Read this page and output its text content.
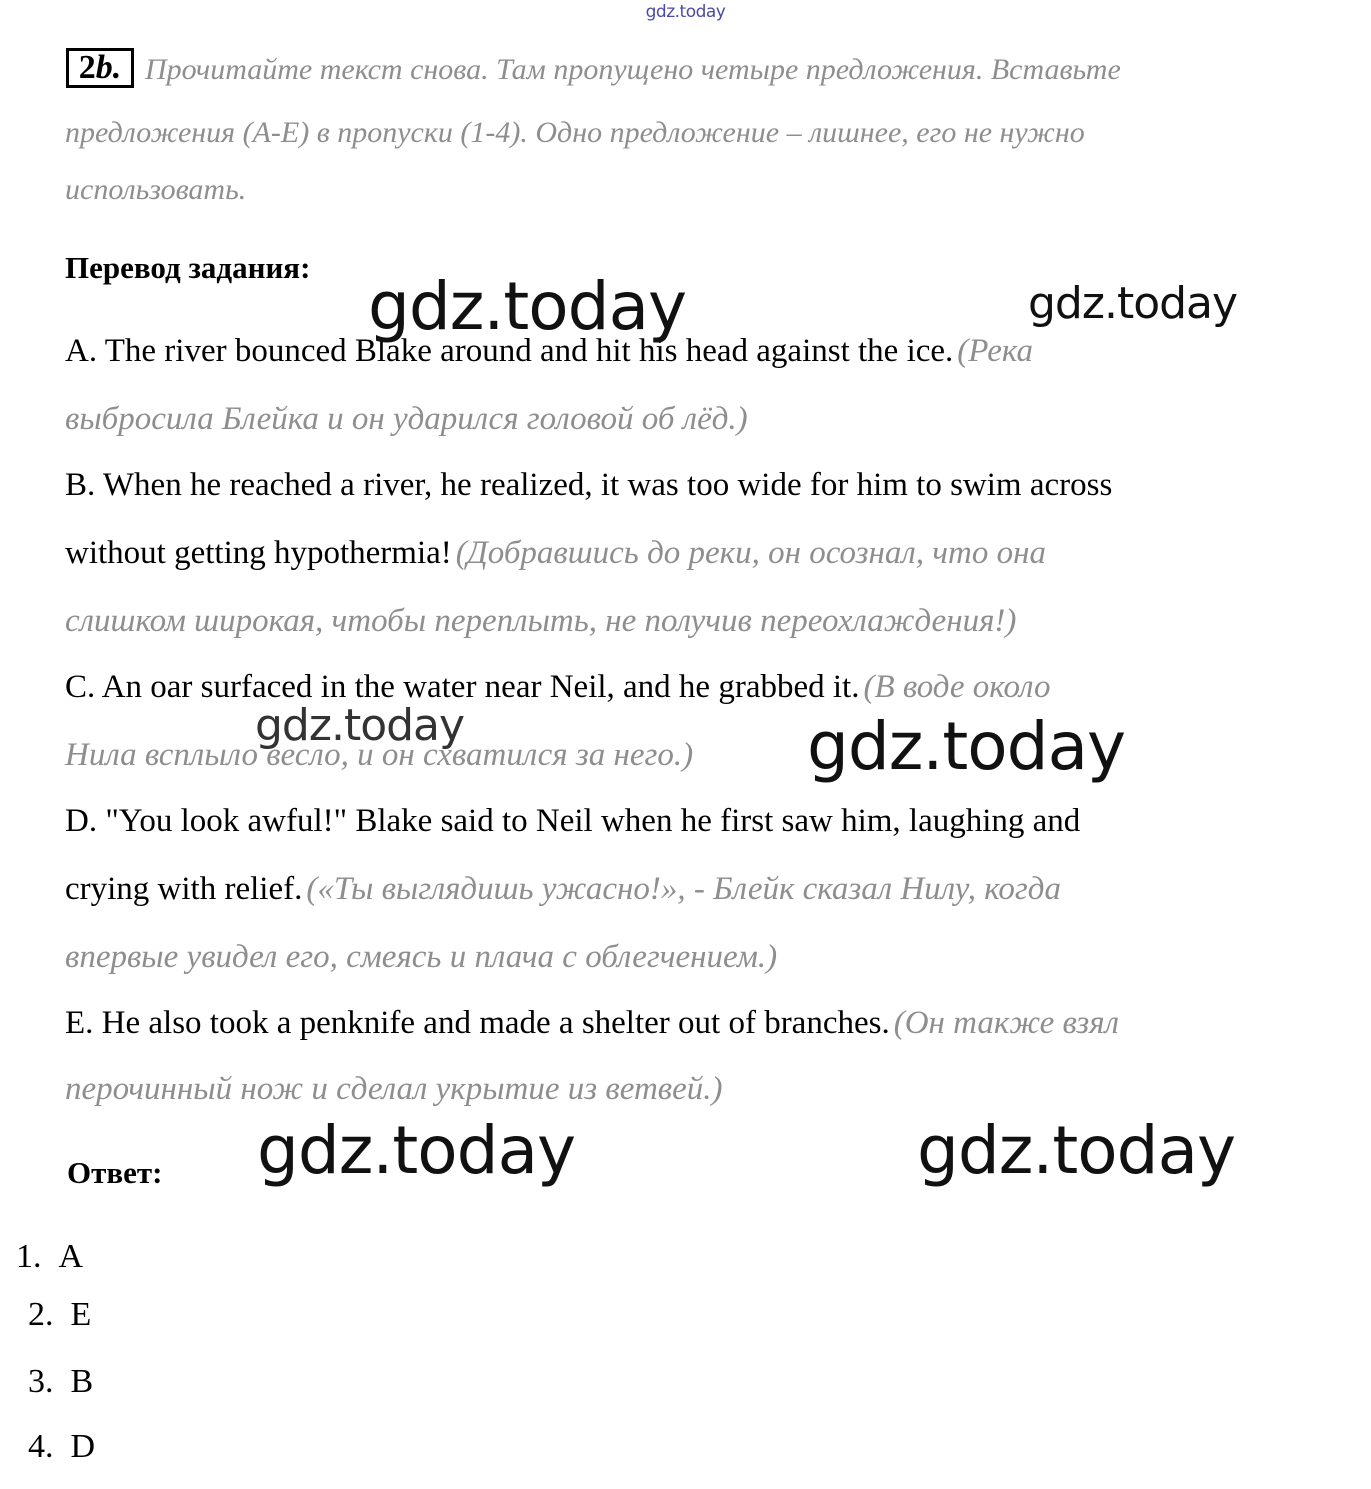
gdz.today
2 b. Прочитайте текст снова. Там пропущено четыре предложения. Вставьте
предложения (A-E) в пропуски (1-4). Одно предложение – лишнее, его не нужно
использовать.
Перевод задания:
A. The river bounced Blake around and hit his head against the ice. (Река
выбросила Блейка и он ударился головой об лёд.)
B. When he reached a river, he realized, it was too wide for him to swim across
without getting hypothermia! (Добравшись до реки, он осознал, что она
слишком широкая, чтобы переплыть, не получив переохлаждения!)
C. An oar surfaced in the water near Neil, and he grabbed it. (В воде около
Нила всплыло весло, и он схватился за него.)
D. "You look awful!" Blake said to Neil when he first saw him, laughing and
crying with relief. («Ты выглядишь ужасно!», - Блейк сказал Нилу, когда
впервые увидел его, смеясь и плача с облегчением.)
E. He also took a penknife and made a shelter out of branches. (Он также взял
перочинный нож и сделал укрытие из ветвей.)
Ответ:
1. A
2. E
3. B
4. D
gdz.today	gdz.today
gdz.today	gdz.today
gdz.today	gdz.today
